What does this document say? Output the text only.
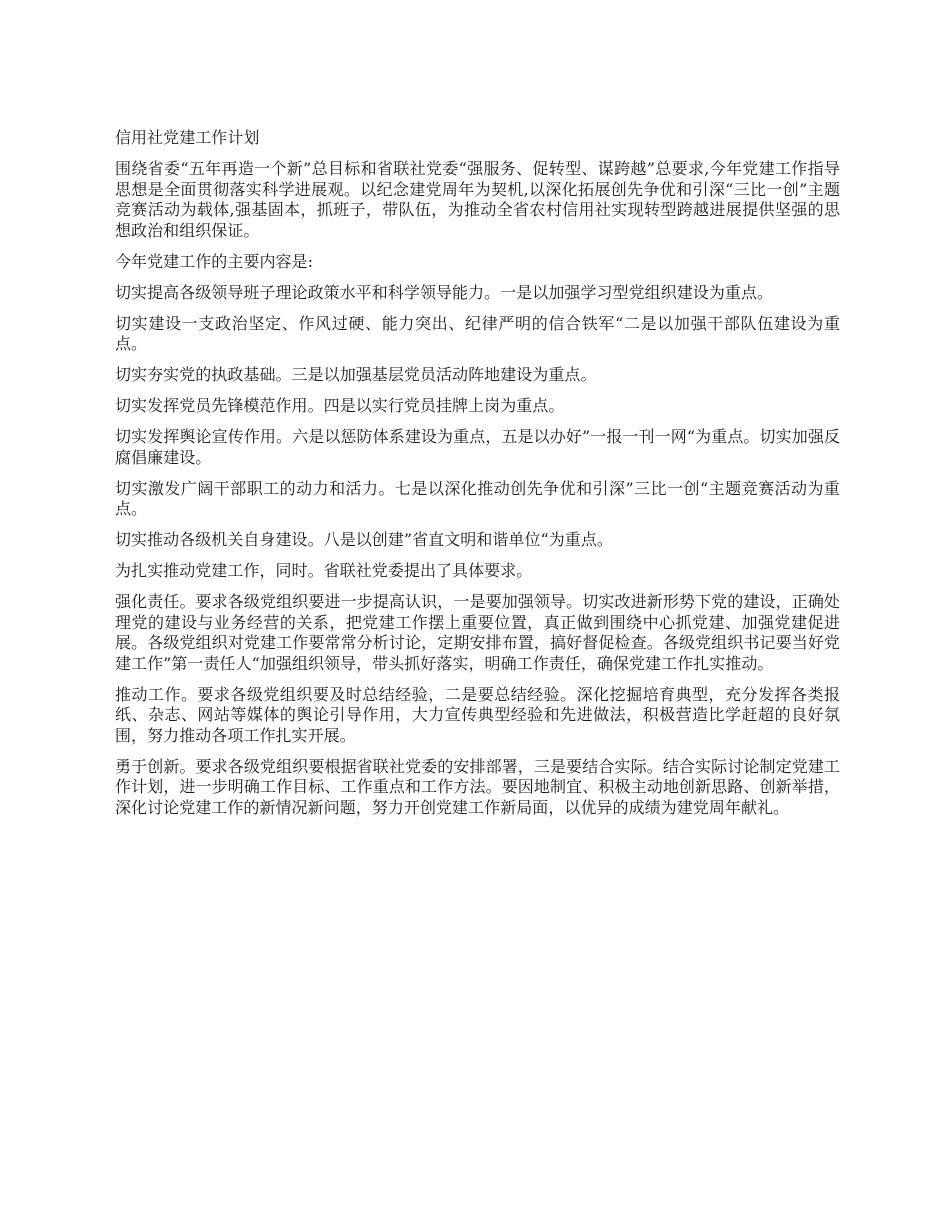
信用社党建工作计划

围绕省委“五年再造一个新”总目标和省联社党委“强服务、促转型、谋跨越”总要求,今年党建工作指导思想是全面贯彻落实科学进展观。以纪念建党周年为契机,以深化拓展创先争优和引深“三比一创”主题竞赛活动为载体,强基固本，抓班子，带队伍，为推动全省农村信用社实现转型跨越进展提供坚强的思想政治和组织保证。

今年党建工作的主要内容是:

切实提高各级领导班子理论政策水平和科学领导能力。一是以加强学习型党组织建设为重点。

切实建设一支政治坚定、作风过硬、能力突出、纪律严明的信合铁军“二是以加强干部队伍建设为重点。

切实夯实党的执政基础。三是以加强基层党员活动阵地建设为重点。

切实发挥党员先锋模范作用。四是以实行党员挂牌上岗为重点。

切实发挥舆论宣传作用。六是以惩防体系建设为重点，五是以办好”一报一刊一网“为重点。切实加强反腐倡廉建设。

切实激发广阔干部职工的动力和活力。七是以深化推动创先争优和引深”三比一创“主题竞赛活动为重点。

切实推动各级机关自身建设。八是以创建”省直文明和谐单位“为重点。

为扎实推动党建工作，同时。省联社党委提出了具体要求。

强化责任。要求各级党组织要进一步提高认识，一是要加强领导。切实改进新形势下党的建设，正确处理党的建设与业务经营的关系，把党建工作摆上重要位置，真正做到围绕中心抓党建、加强党建促进展。各级党组织对党建工作要常常分析讨论，定期安排布置，搞好督促检查。各级党组织书记要当好党建工作”第一责任人“加强组织领导，带头抓好落实，明确工作责任，确保党建工作扎实推动。

推动工作。要求各级党组织要及时总结经验，二是要总结经验。深化挖掘培育典型，充分发挥各类报纸、杂志、网站等媒体的舆论引导作用，大力宣传典型经验和先进做法，积极营造比学赶超的良好氛围，努力推动各项工作扎实开展。

勇于创新。要求各级党组织要根据省联社党委的安排部署，三是要结合实际。结合实际讨论制定党建工作计划，进一步明确工作目标、工作重点和工作方法。要因地制宜、积极主动地创新思路、创新举措，深化讨论党建工作的新情况新问题，努力开创党建工作新局面，以优异的成绩为建党周年献礼。
